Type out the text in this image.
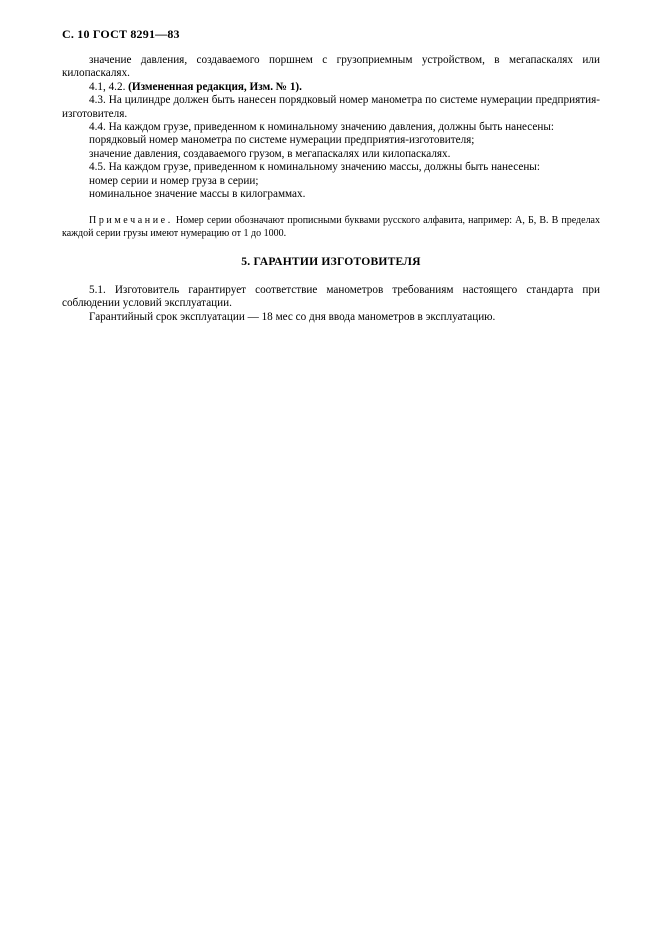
С. 10 ГОСТ 8291—83

значение давления, создаваемого поршнем с грузоприемным устройством, в мегапаскалях или килопаскалях.

4.1, 4.2. (Измененная редакция, Изм. № 1).

4.3. На цилиндре должен быть нанесен порядковый номер манометра по системе нумерации предприятия-изготовителя.

4.4. На каждом грузе, приведенном к номинальному значению давления, должны быть нанесены:

порядковый номер манометра по системе нумерации предприятия-изготовителя;

значение давления, создаваемого грузом, в мегапаскалях или килопаскалях.

4.5. На каждом грузе, приведенном к номинальному значению массы, должны быть нанесены:

номер серии и номер груза в серии;

номинальное значение массы в килограммах.

Примечание. Номер серии обозначают прописными буквами русского алфавита, например: А, Б, В. В пределах каждой серии грузы имеют нумерацию от 1 до 1000.

5. ГАРАНТИИ ИЗГОТОВИТЕЛЯ

5.1. Изготовитель гарантирует соответствие манометров требованиям настоящего стандарта при соблюдении условий эксплуатации.

Гарантийный срок эксплуатации — 18 мес со дня ввода манометров в эксплуатацию.
